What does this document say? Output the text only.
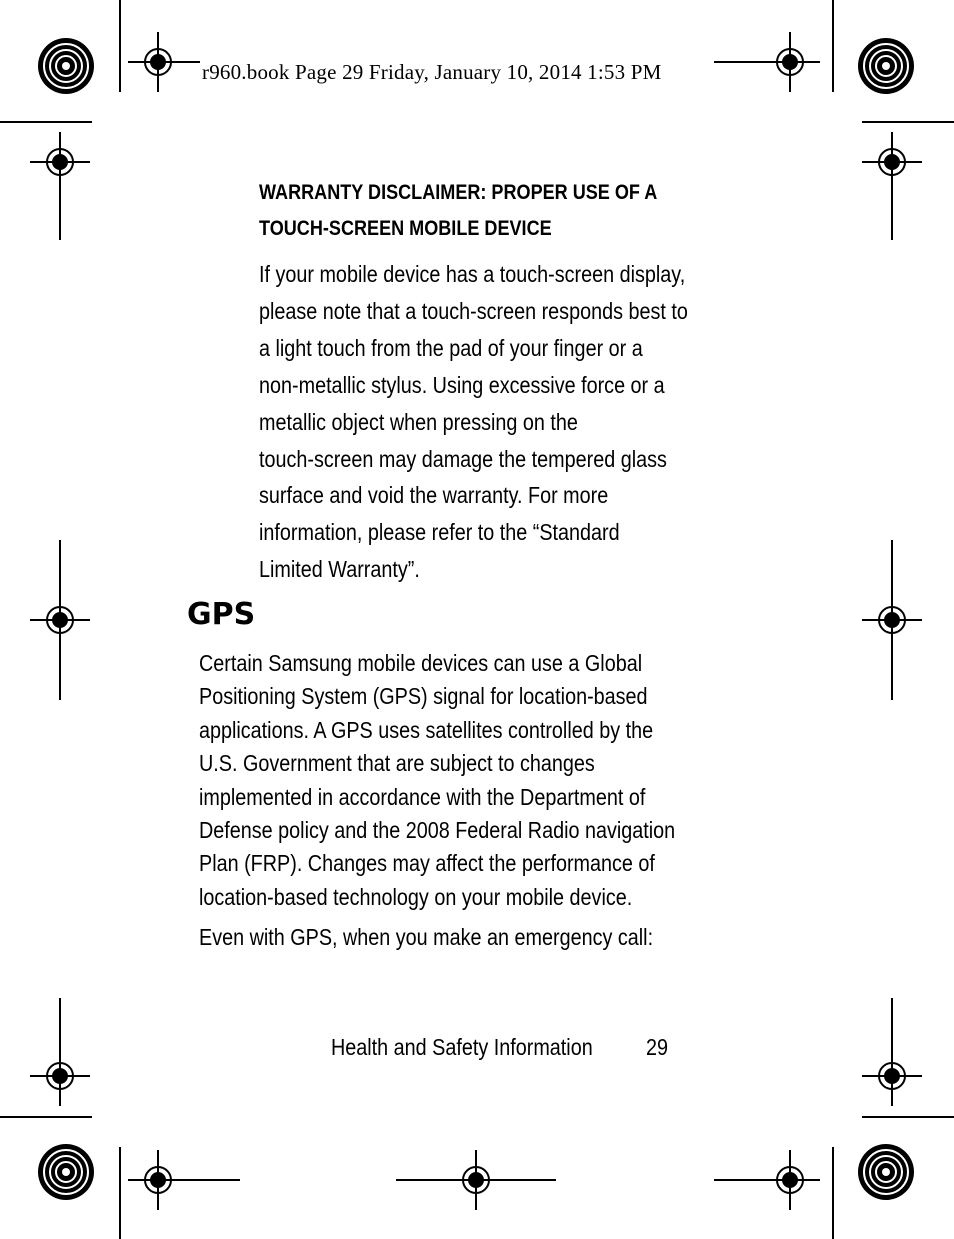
r960.book Page 29 Friday, January 10, 2014 1:53 PM
WARRANTY DISCLAIMER: PROPER USE OF A
TOUCH-SCREEN MOBILE DEVICE
If your mobile device has a touch-screen display,
please note that a touch-screen responds best to
a light touch from the pad of your finger or a
non-metallic stylus. Using excessive force or a
metallic object when pressing on the
touch-screen may damage the tempered glass
surface and void the warranty. For more
information, please refer to the “Standard
Limited Warranty”.
GPS
Certain Samsung mobile devices can use a Global
Positioning System (GPS) signal for location-based
applications. A GPS uses satellites controlled by the
U.S. Government that are subject to changes
implemented in accordance with the Department of
Defense policy and the 2008 Federal Radio navigation
Plan (FRP). Changes may affect the performance of
location-based technology on your mobile device.
Even with GPS, when you make an emergency call:
Health and Safety Information 29
